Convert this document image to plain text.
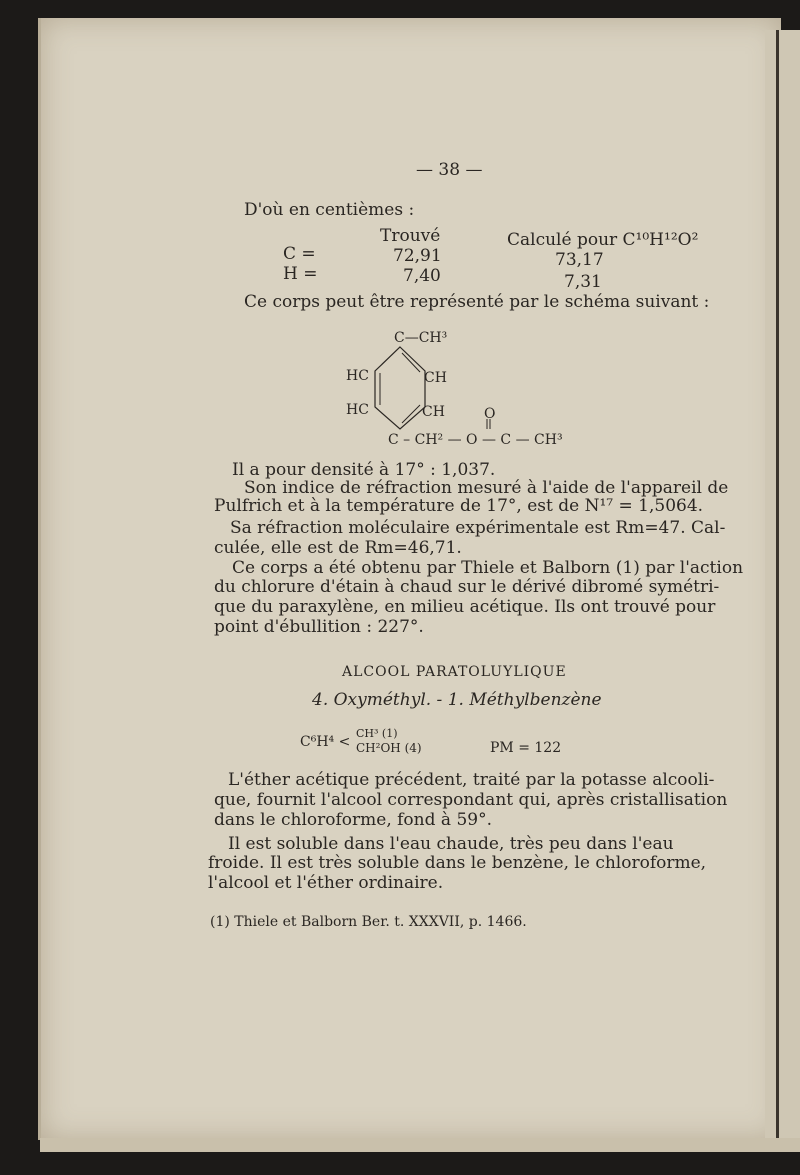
— 38 —
D'où en centièmes :
Trouvé	Calculé pour C¹⁰H¹²O²
C =	72,91	73,17
H =	7,40	7,31
Ce corps peut être représenté par le schéma suivant :
C—CH³
HC	CH
HC	CH	O
C – CH² — O — C — CH³
Il a pour densité à 17° : 1,037.
Son indice de réfraction mesuré à l'aide de l'appareil de
Pulfrich et à la température de 17°, est de N¹⁷ = 1,5064.
Sa réfraction moléculaire expérimentale est Rm=47. Cal-
culée, elle est de Rm=46,71.
Ce corps a été obtenu par Thiele et Balborn (1) par l'action
du chlorure d'étain à chaud sur le dérivé dibromé symétri-
que du paraxylène, en milieu acétique. Ils ont trouvé pour
point d'ébullition : 227°.
ALCOOL PARATOLUYLIQUE
4. Oxyméthyl. - 1. Méthylbenzène
C⁶H⁴ <
CH³ (1)
CH²OH (4)	PM = 122
L'éther acétique précédent, traité par la potasse alcooli-
que, fournit l'alcool correspondant qui, après cristallisation
dans le chloroforme, fond à 59°.
Il est soluble dans l'eau chaude, très peu dans l'eau
froide. Il est très soluble dans le benzène, le chloroforme,
l'alcool et l'éther ordinaire.
(1) Thiele et Balborn Ber. t. XXXVII, p. 1466.
